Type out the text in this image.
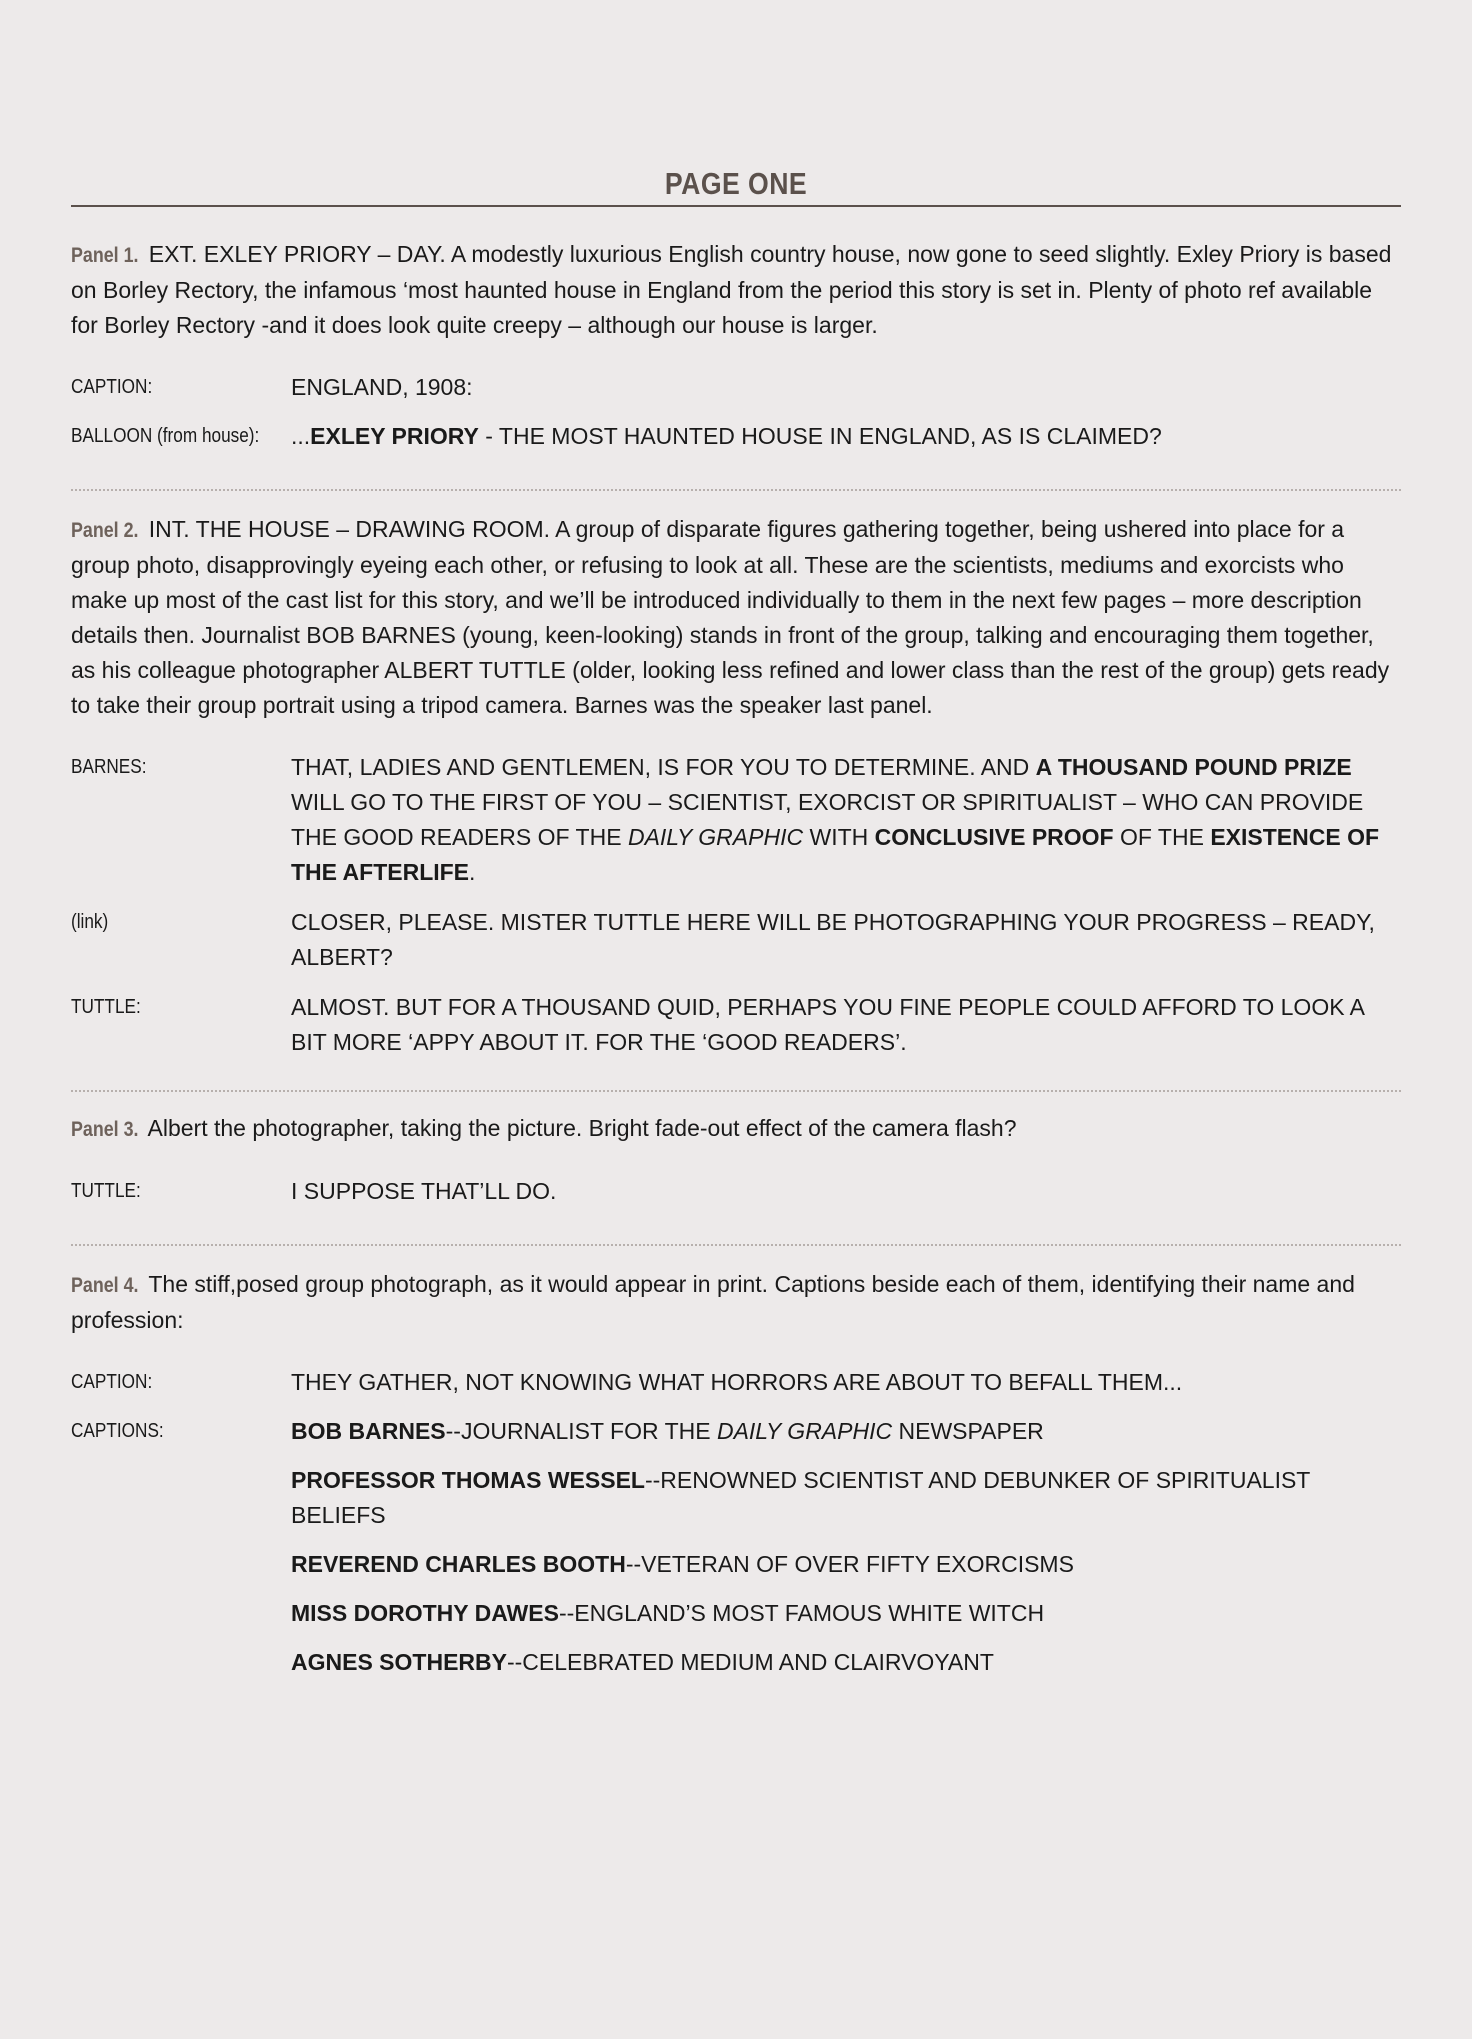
PAGE ONE

Panel 1. EXT. EXLEY PRIORY – DAY. A modestly luxurious English country house, now gone to seed slightly. Exley Priory is based on Borley Rectory, the infamous ‘most haunted house in England from the period this story is set in. Plenty of photo ref available for Borley Rectory -and it does look quite creepy – although our house is larger.

CAPTION:	ENGLAND, 1908:
BALLOON (from house): ...EXLEY PRIORY - THE MOST HAUNTED HOUSE IN ENGLAND, AS IS CLAIMED?

Panel 2. INT. THE HOUSE – DRAWING ROOM. A group of disparate figures gathering together, being ushered into place for a group photo, disapprovingly eyeing each other, or refusing to look at all. These are the scientists, mediums and exorcists who make up most of the cast list for this story, and we’ll be introduced individually to them in the next few pages – more description details then. Journalist BOB BARNES (young, keen-looking) stands in front of the group, talking and encouraging them together, as his colleague photographer ALBERT TUTTLE (older, looking less refined and lower class than the rest of the group) gets ready to take their group portrait using a tripod camera. Barnes was the speaker last panel.

BARNES:	THAT, LADIES AND GENTLEMEN, IS FOR YOU TO DETERMINE. AND A THOUSAND POUND PRIZE WILL GO TO THE FIRST OF YOU – SCIENTIST, EXORCIST OR SPIRITUALIST – WHO CAN PROVIDE THE GOOD READERS OF THE DAILY GRAPHIC WITH CONCLUSIVE PROOF OF THE EXISTENCE OF THE AFTERLIFE.
(link)	CLOSER, PLEASE. MISTER TUTTLE HERE WILL BE PHOTOGRAPHING YOUR PROGRESS – READY, ALBERT?
TUTTLE:	ALMOST. BUT FOR A THOUSAND QUID, PERHAPS YOU FINE PEOPLE COULD AFFORD TO LOOK A BIT MORE ‘APPY ABOUT IT. FOR THE ‘GOOD READERS’.

Panel 3. Albert the photographer, taking the picture. Bright fade-out effect of the camera flash?

TUTTLE:	I SUPPOSE THAT’LL DO.

Panel 4. The stiff,posed group photograph, as it would appear in print. Captions beside each of them, identifying their name and profession:

CAPTION:	THEY GATHER, NOT KNOWING WHAT HORRORS ARE ABOUT TO BEFALL THEM...
CAPTIONS:	BOB BARNES--JOURNALIST FOR THE DAILY GRAPHIC NEWSPAPER
PROFESSOR THOMAS WESSEL--RENOWNED SCIENTIST AND DEBUNKER OF SPIRITUALIST BELIEFS
REVEREND CHARLES BOOTH--VETERAN OF OVER FIFTY EXORCISMS
MISS DOROTHY DAWES--ENGLAND’S MOST FAMOUS WHITE WITCH
AGNES SOTHERBY--CELEBRATED MEDIUM AND CLAIRVOYANT
